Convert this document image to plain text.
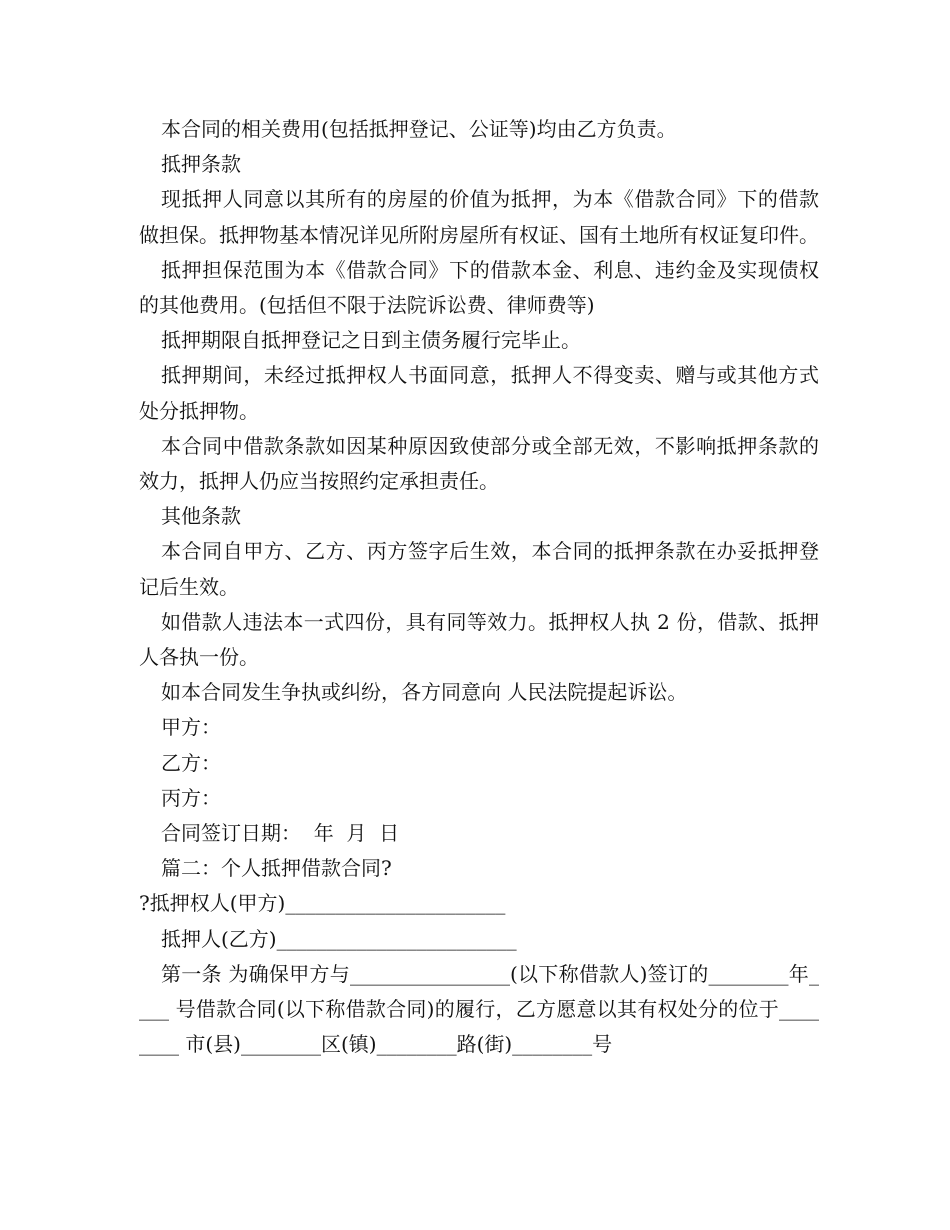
本合同的相关费用(包括抵押登记、公证等)均由乙方负责。

抵押条款

现抵押人同意以其所有的房屋的价值为抵押，为本《借款合同》下的借款做担保。抵押物基本情况详见所附房屋所有权证、国有土地所有权证复印件。

抵押担保范围为本《借款合同》下的借款本金、利息、违约金及实现债权的其他费用。(包括但不限于法院诉讼费、律师费等)

抵押期限自抵押登记之日到主债务履行完毕止。

抵押期间，未经过抵押权人书面同意，抵押人不得变卖、赠与或其他方式处分抵押物。

本合同中借款条款如因某种原因致使部分或全部无效，不影响抵押条款的效力，抵押人仍应当按照约定承担责任。

其他条款

本合同自甲方、乙方、丙方签字后生效，本合同的抵押条款在办妥抵押登记后生效。

如借款人违法本一式四份，具有同等效力。抵押权人执 2 份，借款、抵押人各执一份。

如本合同发生争执或纠纷，各方同意向 人民法院提起诉讼。

甲方：

乙方：

丙方：

合同签订日期：  年  月  日

篇二：个人抵押借款合同?

?抵押权人(甲方)______________________

抵押人(乙方)________________________

第一条 为确保甲方与________________(以下称借款人)签订的________年____ 号借款合同(以下称借款合同)的履行，乙方愿意以其有权处分的位于________ 市(县)________区(镇)________路(街)________号
